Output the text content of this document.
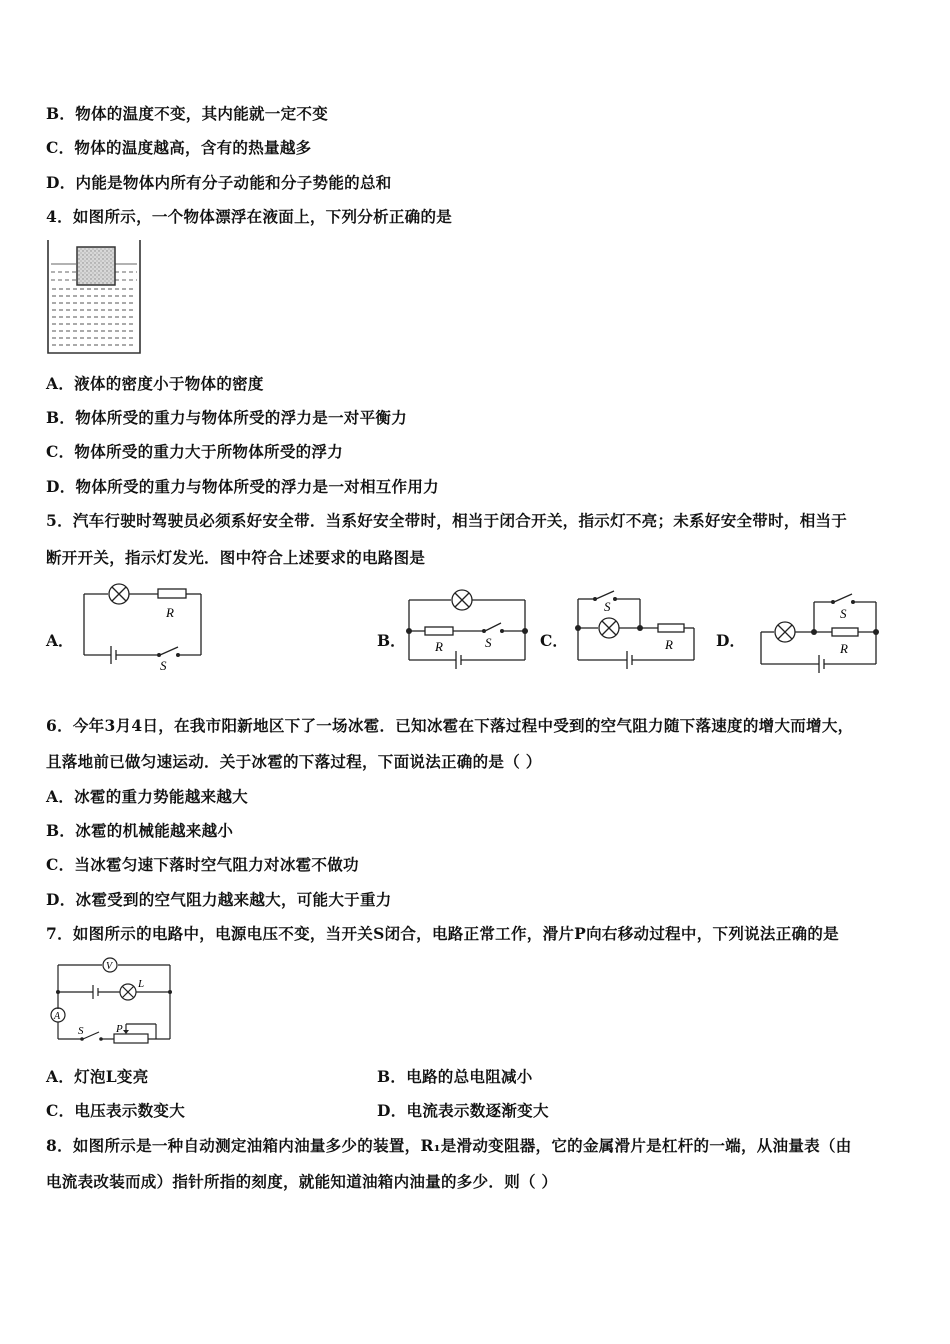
B．物体的温度不变，其内能就一定不变
C．物体的温度越高，含有的热量越多
D．内能是物体内所有分子动能和分子势能的总和
4．如图所示，一个物体漂浮在液面上，下列分析正确的是
A．液体的密度小于物体的密度
B．物体所受的重力与物体所受的浮力是一对平衡力
C．物体所受的重力大于所物体所受的浮力
D．物体所受的重力与物体所受的浮力是一对相互作用力
5．汽车行驶时驾驶员必须系好安全带．当系好安全带时，相当于闭合开关，指示灯不亮；未系好安全带时，相当于
断开开关，指示灯发光．图中符合上述要求的电路图是
A．
R
S
B． R	S	C．
S
R	D．
S
R
6．今年3月4日，在我市阳新地区下了一场冰雹．已知冰雹在下落过程中受到的空气阻力随下落速度的增大而增大，
且落地前已做匀速运动．关于冰雹的下落过程，下面说法正确的是（ ）
A．冰雹的重力势能越来越大
B．冰雹的机械能越来越小
C．当冰雹匀速下落时空气阻力对冰雹不做功
D．冰雹受到的空气阻力越来越大，可能大于重力
7．如图所示的电路中，电源电压不变，当开关S闭合，电路正常工作，滑片P向右移动过程中，下列说法正确的是
V
A
L
S	P
A．灯泡L变亮	B．电路的总电阻减小
C．电压表示数变大	D．电流表示数逐渐变大
8．如图所示是一种自动测定油箱内油量多少的装置，R₁是滑动变阻器，它的金属滑片是杠杆的一端，从油量表（由
电流表改装而成）指针所指的刻度，就能知道油箱内油量的多少．则（ ）
